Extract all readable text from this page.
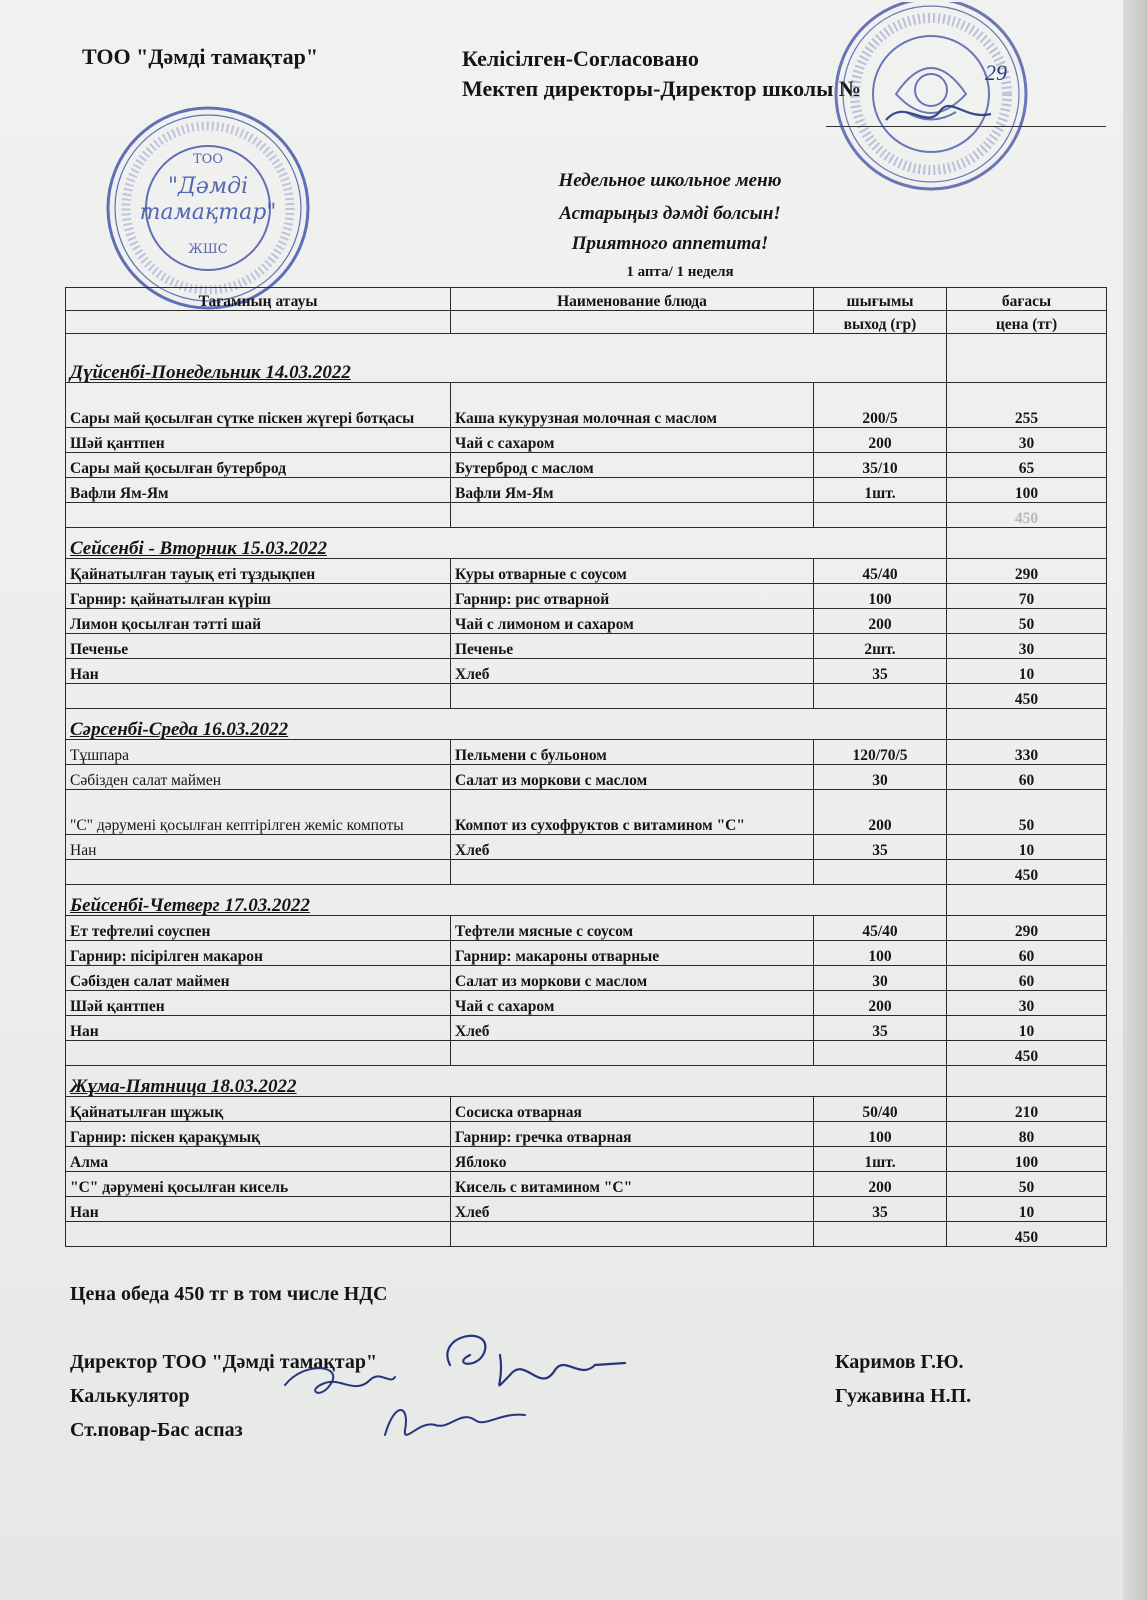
ТОО "Дәмді тамақтар"	Келісілген-Согласовано
Мектеп директоры-Директор школы №
29
ТОО
"Дәмді
тамақтар"
ЖШС
Недельное школьное меню
Астарыңыз дәмді болсын!
Приятного аппетита!
1 апта/ 1 неделя
Тағамның атауы	Наименование блюда	шығымы	бағасы
		выход (гр)	цена (тг)
Дүйсенбі-Понедельник 14.03.2022			
Сары май қосылған сүтке піскен жүгері ботқасы	Каша кукурузная молочная с маслом	200/5	255
Шәй қантпен	Чай с сахаром	200	30
Сары май қосылған бутерброд	Бутерброд с маслом	35/10	65
Вафли Ям-Ям	Вафли Ям-Ям	1шт.	100
			450
Сейсенбі - Вторник 15.03.2022			
Қайнатылған тауық еті тұздықпен	Куры отварные с соусом	45/40	290
Гарнир: қайнатылған күріш	Гарнир: рис отварной	100	70
Лимон қосылған тәтті шай	Чай с лимоном и сахаром	200	50
Печенье	Печенье	2шт.	30
Нан	Хлеб	35	10
			450
Сәрсенбі-Среда 16.03.2022			
Тұшпара	Пельмени с бульоном	120/70/5	330
Сәбізден салат маймен	Салат из моркови с маслом	30	60
"С" дәрумені қосылған кептірілген жеміс компоты	Компот из сухофруктов с витамином "С"	200	50
Нан	Хлеб	35	10
			450
Бейсенбі-Четверг 17.03.2022			
Ет тефтелиі соуспен	Тефтели мясные с соусом	45/40	290
Гарнир: пісірілген макарон	Гарнир: макароны отварные	100	60
Сәбізден салат маймен	Салат из моркови с маслом	30	60
Шәй қантпен	Чай с сахаром	200	30
Нан	Хлеб	35	10
			450
Жұма-Пятница 18.03.2022			
Қайнатылған шұжық	Сосиска отварная	50/40	210
Гарнир: піскен қарақұмық	Гарнир: гречка отварная	100	80
Алма	Яблоко	1шт.	100
"С" дәрумені қосылған кисель	Кисель с витамином "С"	200	50
Нан	Хлеб	35	10
			450
Цена обеда 450 тг в том числе НДС
Директор ТОО "Дәмді тамақтар"
Калькулятор
Ст.повар-Бас аспаз
Каримов Г.Ю.
Гужавина Н.П.
